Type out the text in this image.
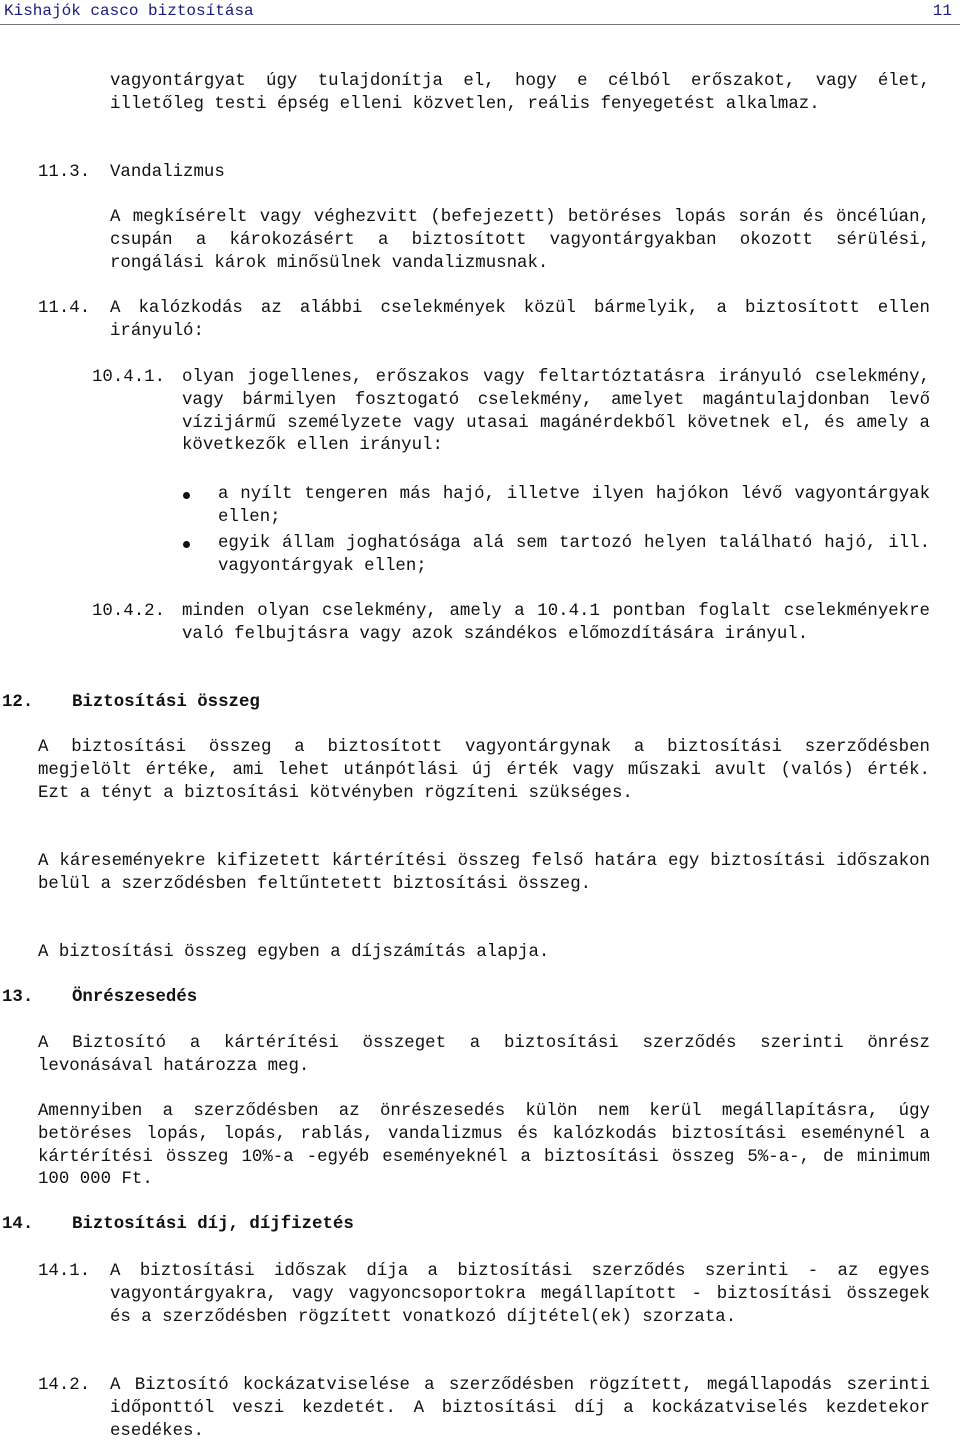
Kishajók casco biztosítása	11
vagyontárgyat úgy tulajdonítja el, hogy e célból erőszakot, vagy élet, illetőleg testi épség elleni közvetlen, reális fenyegetést alkalmaz.
11.3. Vandalizmus
A megkísérelt vagy véghezvitt (befejezett) betöréses lopás során és öncélúan, csupán a károkozásért a biztosított vagyontárgyakban okozott sérülési, rongálási károk minősülnek vandalizmusnak.
11.4. A kalózkodás az alábbi cselekmények közül bármelyik, a biztosított ellen irányuló:
10.4.1. olyan jogellenes, erőszakos vagy feltartóztatásra irányuló cselekmény, vagy bármilyen fosztogató cselekmény, amelyet magántulajdonban levő vízijármű személyzete vagy utasai magánérdekből követnek el, és amely a következők ellen irányul:
a nyílt tengeren más hajó, illetve ilyen hajókon lévő vagyontárgyak ellen;
egyik állam joghatósága alá sem tartozó helyen található hajó, ill. vagyontárgyak ellen;
10.4.2. minden olyan cselekmény, amely a 10.4.1 pontban foglalt cselekményekre való felbujtásra vagy azok szándékos előmozdítására irányul.
12. Biztosítási összeg
A biztosítási összeg a biztosított vagyontárgynak a biztosítási szerződésben megjelölt értéke, ami lehet utánpótlási új érték vagy műszaki avult (valós) érték. Ezt a tényt a biztosítási kötvényben rögzíteni szükséges.
A káreseményekre kifizetett kártérítési összeg felső határa egy biztosítási időszakon belül a szerződésben feltűntetett biztosítási összeg.
A biztosítási összeg egyben a díjszámítás alapja.
13. Önrészesedés
A Biztosító a kártérítési összeget a biztosítási szerződés szerinti önrész levonásával határozza meg.
Amennyiben a szerződésben az önrészesedés külön nem kerül megállapításra, úgy betöréses lopás, lopás, rablás, vandalizmus és kalózkodás biztosítási eseménynél a kártérítési összeg 10%-a -egyéb eseményeknél a biztosítási összeg 5%-a-, de minimum 100 000 Ft.
14. Biztosítási díj, díjfizetés
14.1. A biztosítási időszak díja a biztosítási szerződés szerinti - az egyes vagyontárgyakra, vagy vagyoncsoportokra megállapított - biztosítási összegek és a szerződésben rögzített vonatkozó díjtétel(ek) szorzata.
14.2. A Biztosító kockázatviselése a szerződésben rögzített, megállapodás szerinti időponttól veszi kezdetét. A biztosítási díj a kockázatviselés kezdetekor esedékes.
